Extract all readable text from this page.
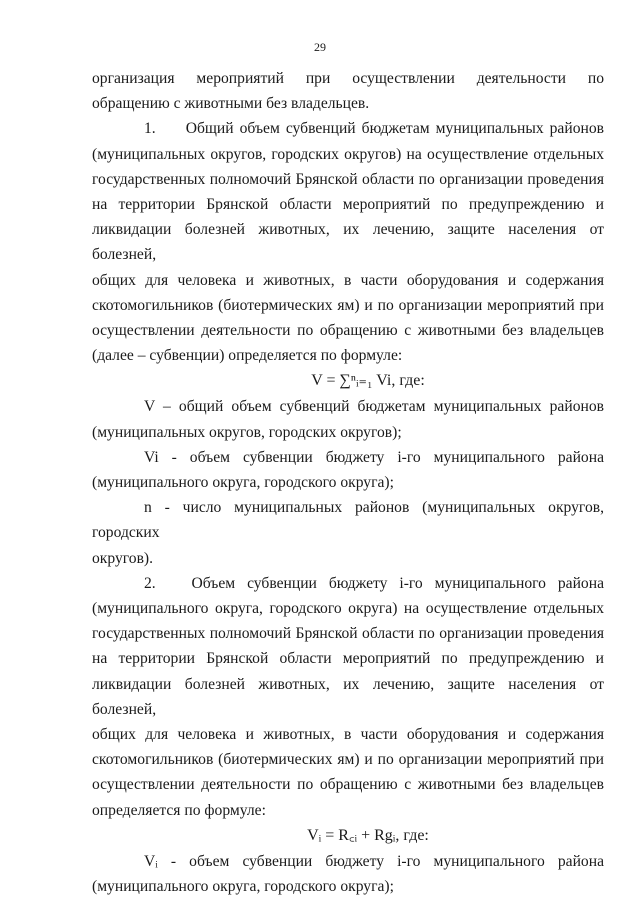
29

организация мероприятий при осуществлении деятельности по

обращению с животными без владельцев.

1.     Общий объем субвенций бюджетам муниципальных районов

(муниципальных округов, городских округов) на осуществление отдельных

государственных полномочий Брянской области по организации проведения

на территории Брянской области мероприятий по предупреждению и

ликвидации болезней животных, их лечению, защите населения от болезней,

общих для человека и животных, в части оборудования и содержания

скотомогильников (биотермических ям) и по организации мероприятий при

осуществлении деятельности по обращению с животными без владельцев

(далее – субвенции) определяется по формуле:

V = ∑ⁿᵢ₌₁ Vi, где:

V – общий объем субвенций бюджетам муниципальных районов

(муниципальных округов, городских округов);

Vi - объем субвенции бюджету i-го муниципального района

(муниципального округа, городского округа);

n - число муниципальных районов (муниципальных округов, городских

округов).

2.   Объем субвенции бюджету i-го муниципального района

(муниципального округа, городского округа) на осуществление отдельных

государственных полномочий Брянской области по организации проведения

на территории Брянской области мероприятий по предупреждению и

ликвидации болезней животных, их лечению, защите населения от болезней,

общих для человека и животных, в части оборудования и содержания

скотомогильников (биотермических ям) и по организации мероприятий при

осуществлении деятельности по обращению с животными без владельцев

определяется по формуле:

Vᵢ = R꜀ᵢ + Rgᵢ, где:

Vᵢ - объем субвенции бюджету i-го муниципального района

(муниципального округа, городского округа);
